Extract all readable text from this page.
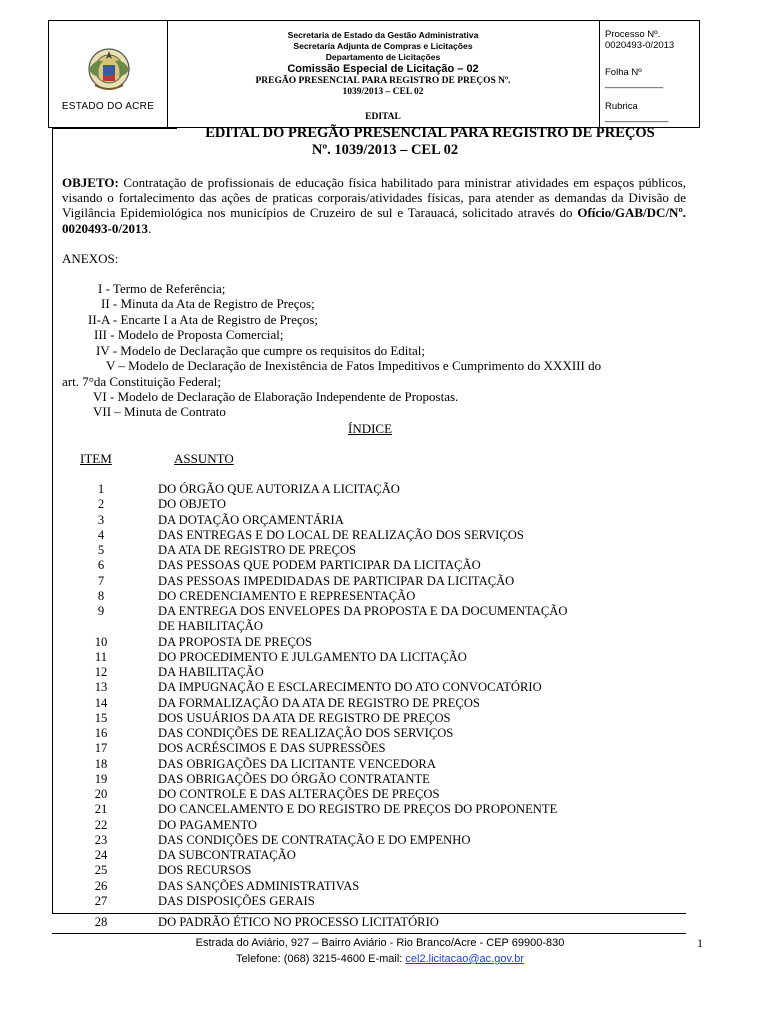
ESTADO DO ACRE
Secretaria de Estado da Gestão Administrativa
Secretaria Adjunta de Compras e Licitações
Departamento de Licitações
Comissão Especial de Licitação – 02
PREGÃO PRESENCIAL PARA REGISTRO DE PREÇOS Nº.
1039/2013 – CEL 02
EDITAL
Processo Nº. 0020493-0/2013
Folha Nº ___________
Rubrica ____________
EDITAL DO PREGÃO PRESENCIAL PARA REGISTRO DE PREÇOS
Nº. 1039/2013 – CEL 02
OBJETO: Contratação de profissionais de educação física habilitado para ministrar atividades em espaços públicos, visando o fortalecimento das ações de praticas corporais/atividades físicas, para atender as demandas da Divisão de Vigilância Epidemiológica nos municípios de Cruzeiro de sul e Tarauacá, solicitado através do Ofício/GAB/DC/Nº. 0020493-0/2013.
ANEXOS:
I - Termo de Referência;
II - Minuta da Ata de Registro de Preços;
II-A - Encarte I a Ata de Registro de Preços;
III - Modelo de Proposta Comercial;
IV - Modelo de Declaração que cumpre os requisitos do Edital;
V – Modelo de Declaração de Inexistência de Fatos Impeditivos e Cumprimento do XXXIII do
art. 7°da Constituição Federal;
VI - Modelo de Declaração de Elaboração Independente de Propostas.
VII – Minuta de Contrato
ÍNDICE
ITEM	ASSUNTO
1	DO ÓRGÃO QUE AUTORIZA A LICITAÇÃO
2	DO OBJETO
3	DA DOTAÇÃO ORÇAMENTÁRIA
4	DAS ENTREGAS E DO LOCAL DE REALIZAÇÃO DOS SERVIÇOS
5	DA ATA DE REGISTRO DE PREÇOS
6	DAS PESSOAS QUE PODEM PARTICIPAR DA LICITAÇÃO
7	DAS PESSOAS IMPEDIDADAS DE PARTICIPAR DA LICITAÇÃO
8	DO CREDENCIAMENTO E REPRESENTAÇÃO
9	DA ENTREGA DOS ENVELOPES DA PROPOSTA E DA DOCUMENTAÇÃO
DE HABILITAÇÃO
10	DA PROPOSTA DE PREÇOS
11	DO PROCEDIMENTO E JULGAMENTO DA LICITAÇÃO
12	DA HABILITAÇÃO
13	DA IMPUGNAÇÃO E ESCLARECIMENTO DO ATO CONVOCATÓRIO
14	DA FORMALIZAÇÃO DA ATA DE REGISTRO DE PREÇOS
15	DOS USUÁRIOS DA ATA DE REGISTRO DE PREÇOS
16	DAS CONDIÇÕES DE REALIZAÇÃO DOS SERVIÇOS
17	DOS ACRÉSCIMOS E DAS SUPRESSÕES
18	DAS OBRIGAÇÕES DA LICITANTE VENCEDORA
19	DAS OBRIGAÇÕES DO ÓRGÃO CONTRATANTE
20	DO CONTROLE E DAS ALTERAÇÕES DE PREÇOS
21	DO CANCELAMENTO E DO REGISTRO DE PREÇOS DO PROPONENTE
22	DO PAGAMENTO
23	DAS CONDIÇÕES DE CONTRATAÇÃO E DO EMPENHO
24	DA SUBCONTRATAÇÃO
25	DOS RECURSOS
26	DAS SANÇÕES ADMINISTRATIVAS
27	DAS DISPOSIÇÕES GERAIS
28	DO PADRÃO ÉTICO NO PROCESSO LICITATÓRIO
Estrada do Aviário, 927 – Bairro Aviário - Rio Branco/Acre - CEP 69900-830
Telefone: (068) 3215-4600 E-mail: cel2.licitacao@ac.gov.br
1
